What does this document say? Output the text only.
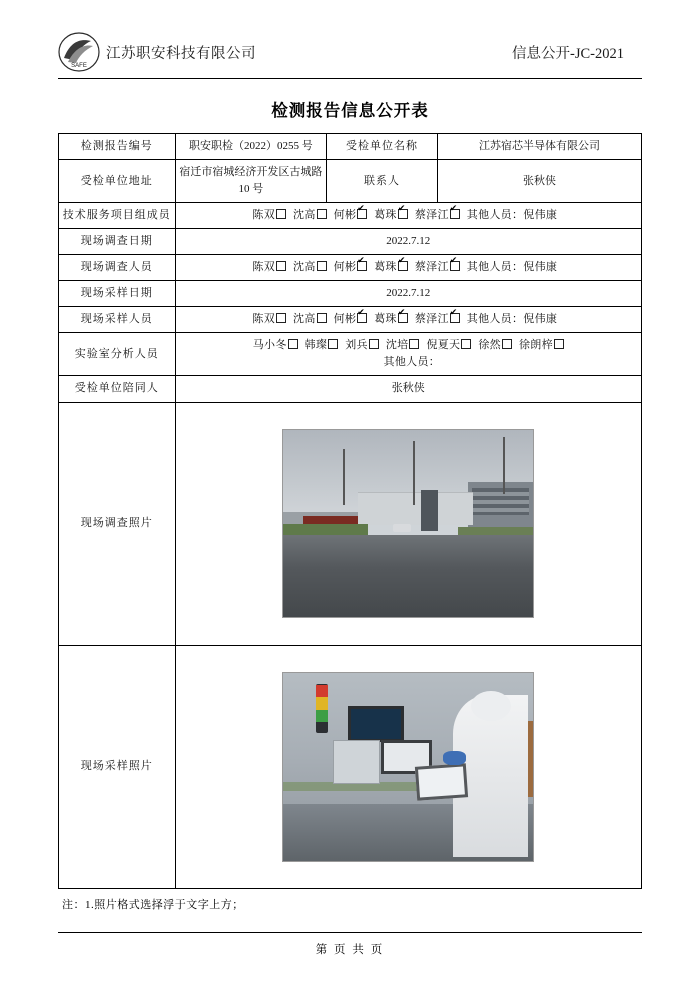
SAFE
江苏职安科技有限公司	信息公开-JC-2021
检测报告信息公开表
检测报告编号	职安职检（2022）0255 号	受检单位名称	江苏宿芯半导体有限公司
受检单位地址	宿迁市宿城经济开发区古城路 10 号	联系人	张秋侠
技术服务项目组成员	陈双 沈高 何彬 ✔ 葛珠 ✔ 蔡泽江 ✔ 其他人员：倪伟康
现场调查日期	2022.7.12		
现场调查人员	陈双 沈高 何彬 ✔ 葛珠 ✔ 蔡泽江 ✔ 其他人员：倪伟康
现场采样日期	2022.7.12		
现场采样人员	陈双 沈高 何彬 ✔ 葛珠 ✔ 蔡泽江 ✔ 其他人员：倪伟康
实验室分析人员	马小冬 韩璨 刘兵 沈培 倪夏天 徐然 徐朗梓
其他人员：		
受检单位陪同人	张秋侠		
现场调查照片			

现场采样照片			
注：1.照片格式选择浮于文字上方；
第 页 共 页
